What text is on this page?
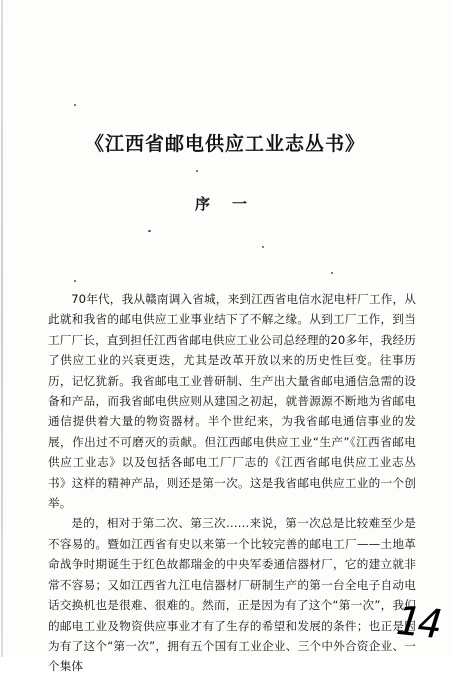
《江西省邮电供应工业志丛书》
序一

70年代，我从赣南调入省城，来到江西省电信水泥电杆厂工作，从此就和我省的邮电供应工业事业结下了不解之缘。从到工厂工作，到当工厂厂长，直到担任江西省邮电供应工业公司总经理的20多年，我经历了供应工业的兴衰更迭，尤其是改革开放以来的历史性巨变。往事历历，记忆犹新。我省邮电工业普研制、生产出大量省邮电通信急需的设备和产品，而我省邮电供应则从建国之初起，就普源源不断地为省邮电通信提供着大量的物资器材。半个世纪来，为我省邮电通信事业的发展，作出过不可磨灭的贡献。但江西邮电供应工业“生产”《江西省邮电供应工业志》以及包括各邮电工厂厂志的《江西省邮电供应工业志丛书》这样的精神产品，则还是第一次。这是我省邮电供应工业的一个创举。

是的，相对于第二次、第三次……来说，第一次总是比较难至少是不容易的。暨如江西省有史以来第一个比较完善的邮电工厂——土地革命战争时期诞生于红色故都瑞金的中央军委通信器材厂，它的建立就非常不容易；又如江西省九江电信器材厂研制生产的第一台全电子自动电话交换机也是很难、很难的。然而，正是因为有了这个“第一次”，我们的邮电工业及物资供应事业才有了生存的希望和发展的条件；也正是因为有了这个“第一次”，拥有五个国有工业企业、三个中外合资企业、一个集体

14
